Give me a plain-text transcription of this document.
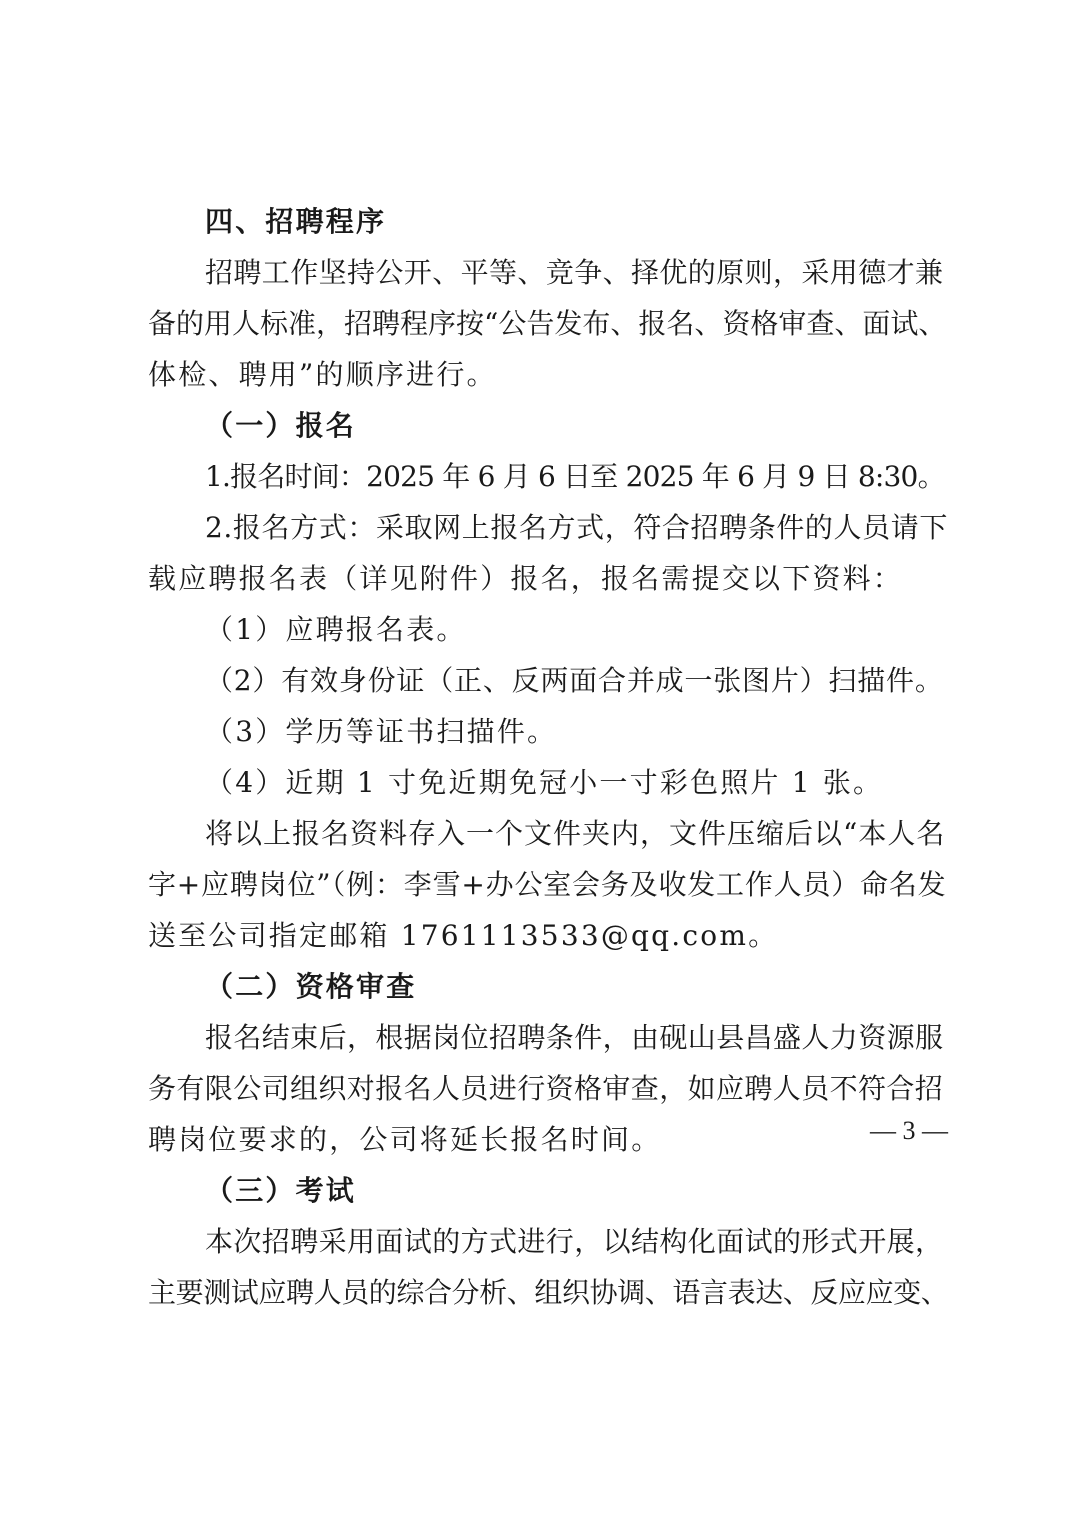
四、招聘程序
招聘工作坚持公开、平等、竞争、择优的原则，采用德才兼
备的用人标准，招聘程序按“公告发布、报名、资格审查、面试、
体检、聘用”的顺序进行。
（一）报名
1.报名时间：2025 年 6 月 6 日至 2025 年 6 月 9 日 8:30。
2.报名方式：采取网上报名方式，符合招聘条件的人员请下
载应聘报名表（详见附件）报名，报名需提交以下资料：
（1）应聘报名表。
（2）有效身份证（正、反两面合并成一张图片）扫描件。
（3）学历等证书扫描件。
（4）近期 1 寸免近期免冠小一寸彩色照片 1 张。
将以上报名资料存入一个文件夹内，文件压缩后以“本人名
字+应聘岗位”（例：李雪+办公室会务及收发工作人员）命名发
送至公司指定邮箱 1761113533@qq.com。
（二）资格审查
报名结束后，根据岗位招聘条件，由砚山县昌盛人力资源服
务有限公司组织对报名人员进行资格审查，如应聘人员不符合招
聘岗位要求的，公司将延长报名时间。
（三）考试
本次招聘采用面试的方式进行，以结构化面试的形式开展，
主要测试应聘人员的综合分析、组织协调、语言表达、反应应变、
— 3 —
